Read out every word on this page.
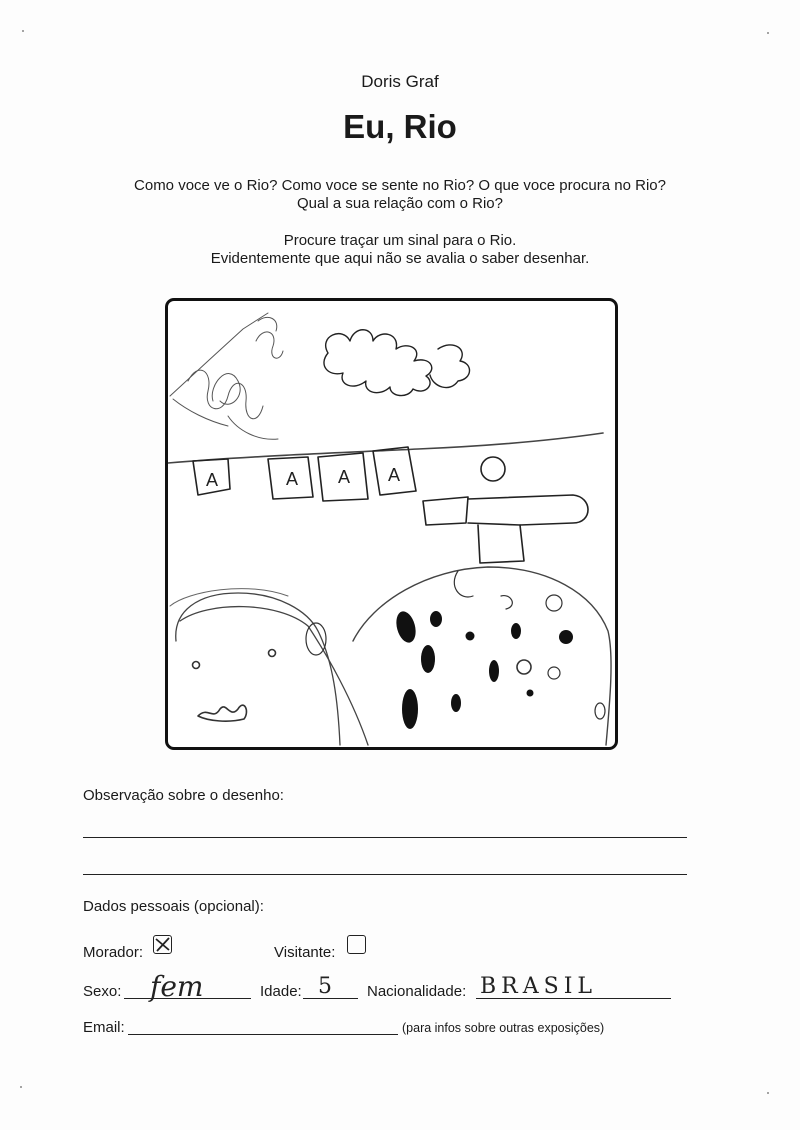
Doris Graf
Eu, Rio
Como voce ve o Rio? Como voce se sente no Rio? O que voce procura no Rio?
Qual a sua relação com o Rio?
Procure traçar um sinal para o Rio.
Evidentemente que aqui não se avalia o saber desenhar.
A	A A A
Observação sobre o desenho:
Dados pessoais (opcional):
Morador:	Visitante:
Sexo: fem	Idade: 5 Nacionalidade: BRASIL
Email:	(para infos sobre outras exposições)
